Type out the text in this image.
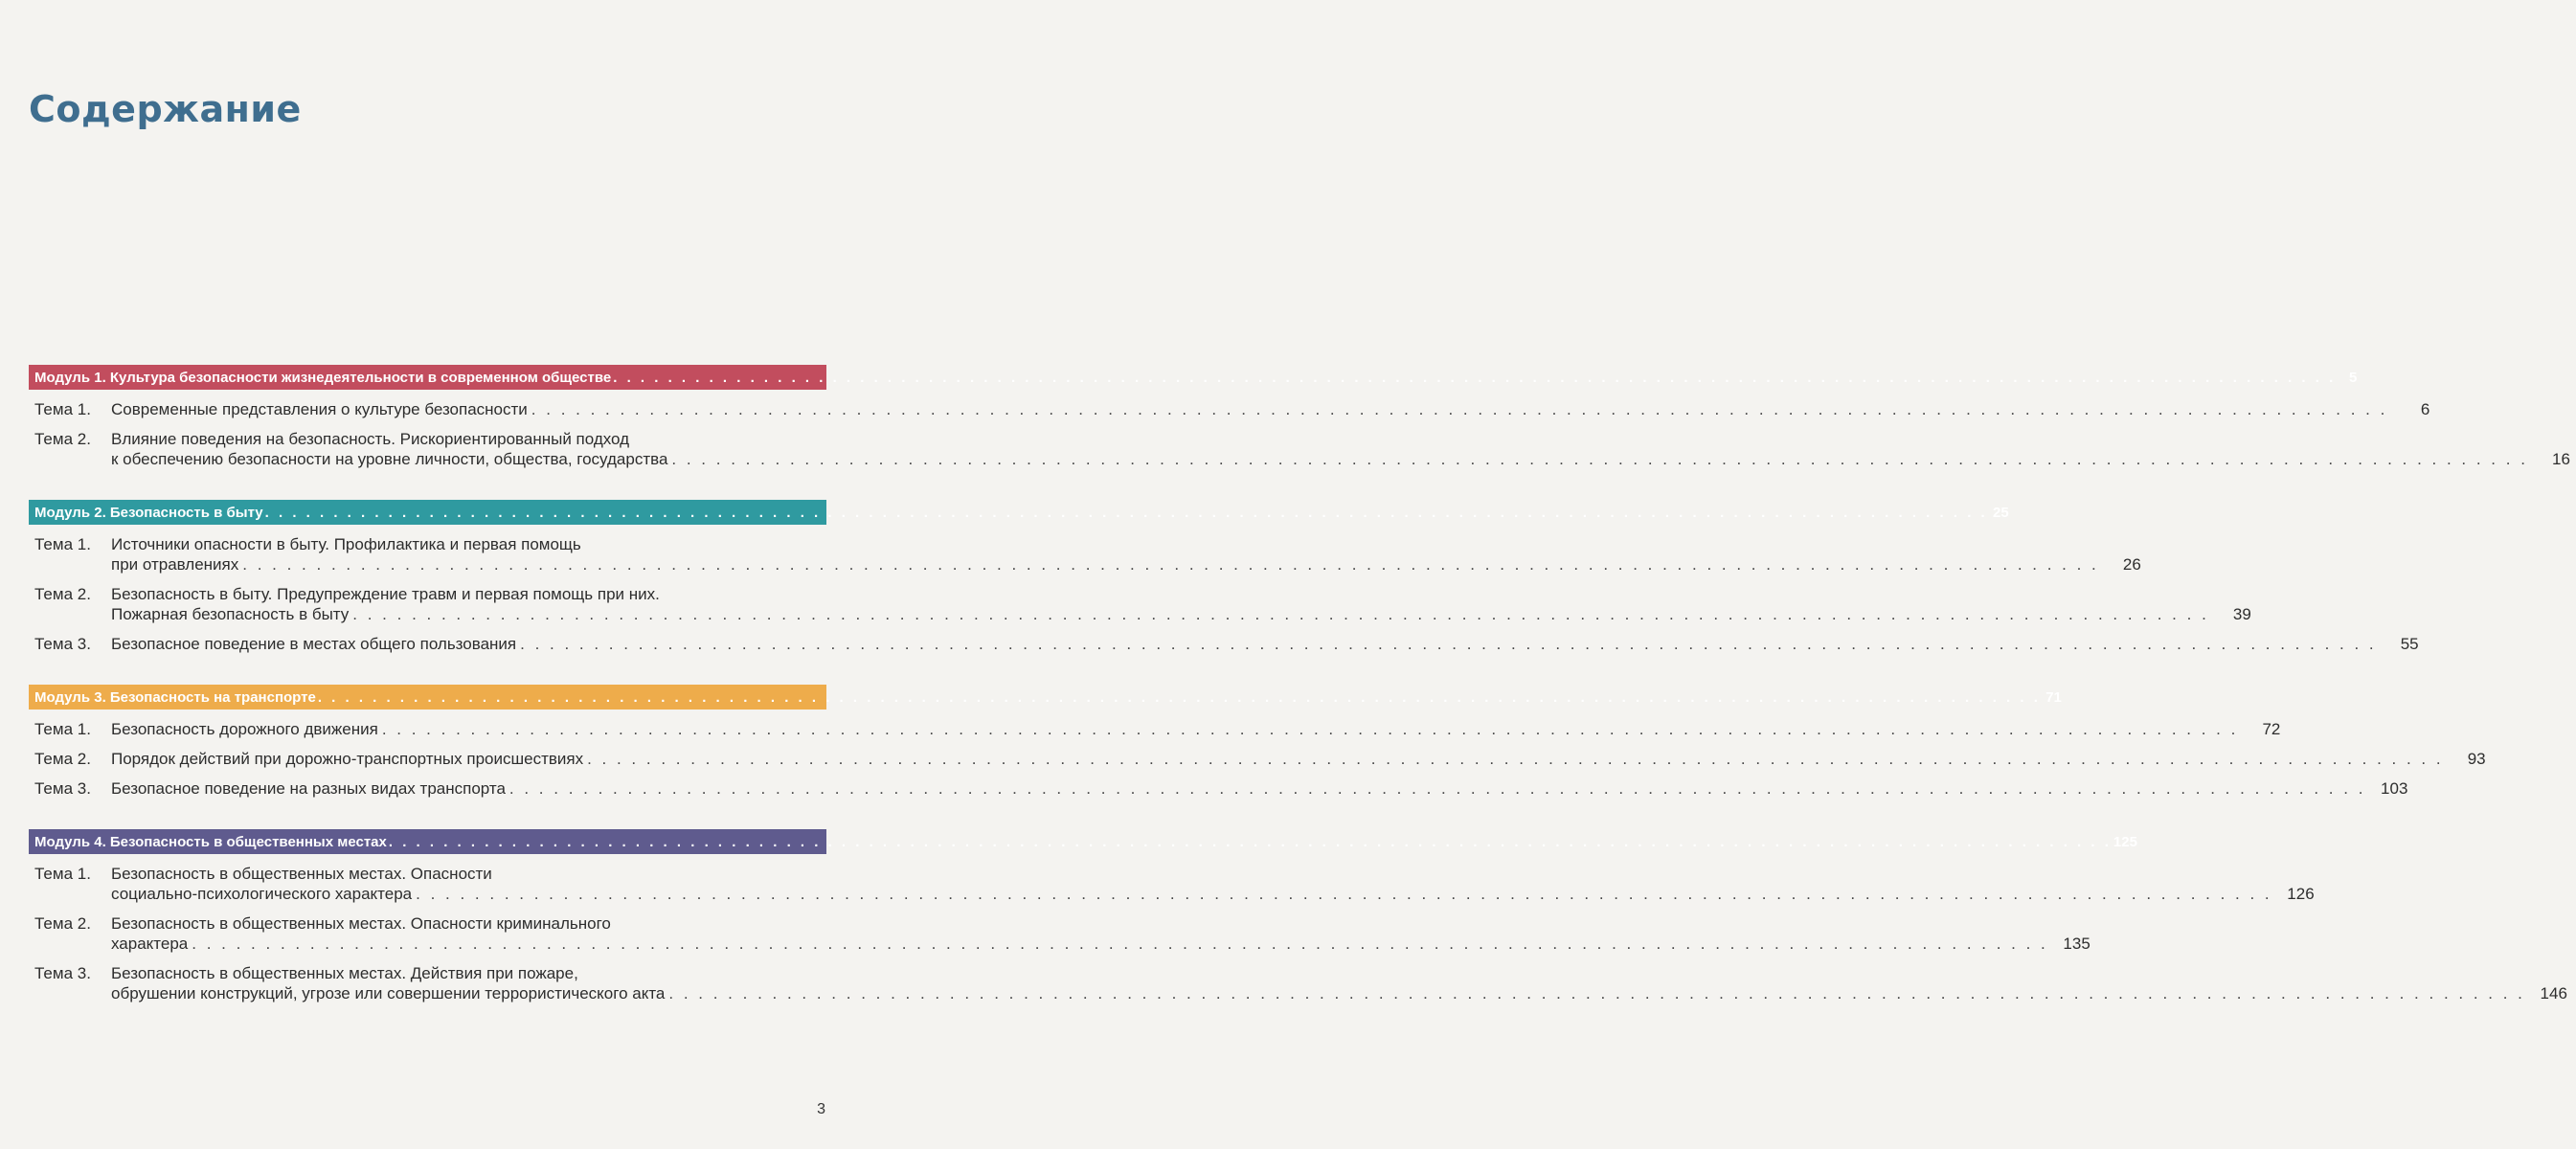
Содержание
Модуль 1. Культура безопасности жизнедеятельности в современном обществе . . . . . . . . . . . . . . . . . . . . . . . . . . . . . . . . . . . . . . . . . . . . . . . . . . . . . . . . . . . . . . . . . . . . . . . . . . . . . . . . . . . . . . . . . . . . . . . . . . . . . . . . . . . . . . . . . . . . . . . . . . . . . . 5
Тема 1.	Современные представления о культуре безопасности . . . . . . . . . . . . . . . . . . . . . . . . . . . . . . . . . . . . . . . . . . . . . . . . . . . . . . . . . . . . . . . . . . . . . . . . . . . . . . . . . . . . . . . . . . . . . . . . . . . . . . . . . . . . . . . . . . . . . . . . . . . . . .	6
Тема 2.	Влияние поведения на безопасность. Рискориентированный подход
к обеспечению безопасности на уровне личности, общества, государства . . . . . . . . . . . . . . . . . . . . . . . . . . . . . . . . . . . . . . . . . . . . . . . . . . . . . . . . . . . . . . . . . . . . . . . . . . . . . . . . . . . . . . . . . . . . . . . . . . . . . . . . . . . . . . . . . . . . . . . . . . . . . .	16
Модуль 2. Безопасность в быту . . . . . . . . . . . . . . . . . . . . . . . . . . . . . . . . . . . . . . . . . . . . . . . . . . . . . . . . . . . . . . . . . . . . . . . . . . . . . . . . . . . . . . . . . . . . . . . . . . . . . . . . . . . . . . . . . . . . . . . . . . . . . . 25
Тема 1.	Источники опасности в быту. Профилактика и первая помощь
при отравлениях . . . . . . . . . . . . . . . . . . . . . . . . . . . . . . . . . . . . . . . . . . . . . . . . . . . . . . . . . . . . . . . . . . . . . . . . . . . . . . . . . . . . . . . . . . . . . . . . . . . . . . . . . . . . . . . . . . . . . . . . . . . . . .	26
Тема 2.	Безопасность в быту. Предупреждение травм и первая помощь при них.
Пожарная безопасность в быту . . . . . . . . . . . . . . . . . . . . . . . . . . . . . . . . . . . . . . . . . . . . . . . . . . . . . . . . . . . . . . . . . . . . . . . . . . . . . . . . . . . . . . . . . . . . . . . . . . . . . . . . . . . . . . . . . . . . . . . . . . . . . .	39
Тема 3.	Безопасное поведение в местах общего пользования . . . . . . . . . . . . . . . . . . . . . . . . . . . . . . . . . . . . . . . . . . . . . . . . . . . . . . . . . . . . . . . . . . . . . . . . . . . . . . . . . . . . . . . . . . . . . . . . . . . . . . . . . . . . . . . . . . . . . . . . . . . . . .	55
Модуль 3. Безопасность на транспорте . . . . . . . . . . . . . . . . . . . . . . . . . . . . . . . . . . . . . . . . . . . . . . . . . . . . . . . . . . . . . . . . . . . . . . . . . . . . . . . . . . . . . . . . . . . . . . . . . . . . . . . . . . . . . . . . . . . . . . . . . . . . . . 71
Тема 1.	Безопасность дорожного движения . . . . . . . . . . . . . . . . . . . . . . . . . . . . . . . . . . . . . . . . . . . . . . . . . . . . . . . . . . . . . . . . . . . . . . . . . . . . . . . . . . . . . . . . . . . . . . . . . . . . . . . . . . . . . . . . . . . . . . . . . . . . . .	72
Тема 2.	Порядок действий при дорожно-транспортных происшествиях . . . . . . . . . . . . . . . . . . . . . . . . . . . . . . . . . . . . . . . . . . . . . . . . . . . . . . . . . . . . . . . . . . . . . . . . . . . . . . . . . . . . . . . . . . . . . . . . . . . . . . . . . . . . . . . . . . . . . . . . . . . . . .	93
Тема 3.	Безопасное поведение на разных видах транспорта . . . . . . . . . . . . . . . . . . . . . . . . . . . . . . . . . . . . . . . . . . . . . . . . . . . . . . . . . . . . . . . . . . . . . . . . . . . . . . . . . . . . . . . . . . . . . . . . . . . . . . . . . . . . . . . . . . . . . . . . . . . . . . 103
Модуль 4. Безопасность в общественных местах . . . . . . . . . . . . . . . . . . . . . . . . . . . . . . . . . . . . . . . . . . . . . . . . . . . . . . . . . . . . . . . . . . . . . . . . . . . . . . . . . . . . . . . . . . . . . . . . . . . . . . . . . . . . . . . . . . . . . . . . . . . . . . 125
Тема 1.	Безопасность в общественных местах. Опасности
социально-психологического характера . . . . . . . . . . . . . . . . . . . . . . . . . . . . . . . . . . . . . . . . . . . . . . . . . . . . . . . . . . . . . . . . . . . . . . . . . . . . . . . . . . . . . . . . . . . . . . . . . . . . . . . . . . . . . . . . . . . . . . . . . . . . . . 126
Тема 2.	Безопасность в общественных местах. Опасности криминального
характера . . . . . . . . . . . . . . . . . . . . . . . . . . . . . . . . . . . . . . . . . . . . . . . . . . . . . . . . . . . . . . . . . . . . . . . . . . . . . . . . . . . . . . . . . . . . . . . . . . . . . . . . . . . . . . . . . . . . . . . . . . . . . . 135
Тема 3.	Безопасность в общественных местах. Действия при пожаре,
обрушении конструкций, угрозе или совершении террористического акта . . . . . . . . . . . . . . . . . . . . . . . . . . . . . . . . . . . . . . . . . . . . . . . . . . . . . . . . . . . . . . . . . . . . . . . . . . . . . . . . . . . . . . . . . . . . . . . . . . . . . . . . . . . . . . . . . . . . . . . . . . . . . . 146
3
